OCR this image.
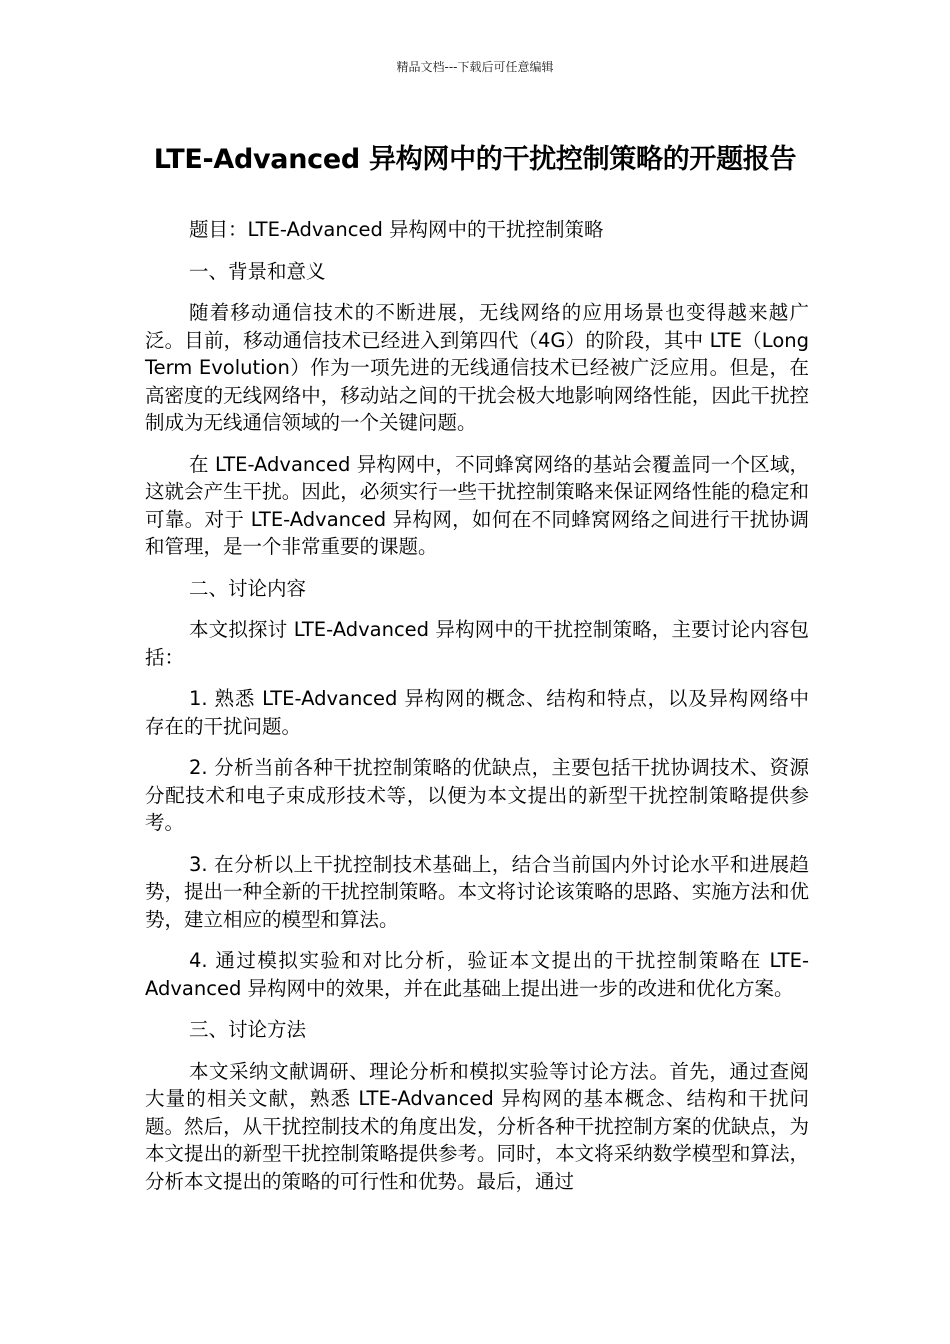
精品文档---下载后可任意编辑
LTE-Advanced 异构网中的干扰控制策略的开题报告

题目：LTE-Advanced 异构网中的干扰控制策略

一、背景和意义

随着移动通信技术的不断进展，无线网络的应用场景也变得越来越广泛。目前，移动通信技术已经进入到第四代（4G）的阶段，其中 LTE（Long Term Evolution）作为一项先进的无线通信技术已经被广泛应用。但是，在高密度的无线网络中，移动站之间的干扰会极大地影响网络性能，因此干扰控制成为无线通信领域的一个关键问题。

在 LTE-Advanced 异构网中，不同蜂窝网络的基站会覆盖同一个区域，这就会产生干扰。因此，必须实行一些干扰控制策略来保证网络性能的稳定和可靠。对于 LTE-Advanced 异构网，如何在不同蜂窝网络之间进行干扰协调和管理，是一个非常重要的课题。

二、讨论内容

本文拟探讨 LTE-Advanced 异构网中的干扰控制策略，主要讨论内容包括：

1. 熟悉 LTE-Advanced 异构网的概念、结构和特点，以及异构网络中存在的干扰问题。

2. 分析当前各种干扰控制策略的优缺点，主要包括干扰协调技术、资源分配技术和电子束成形技术等，以便为本文提出的新型干扰控制策略提供参考。

3. 在分析以上干扰控制技术基础上，结合当前国内外讨论水平和进展趋势，提出一种全新的干扰控制策略。本文将讨论该策略的思路、实施方法和优势，建立相应的模型和算法。

4. 通过模拟实验和对比分析，验证本文提出的干扰控制策略在 LTE-Advanced 异构网中的效果，并在此基础上提出进一步的改进和优化方案。

三、讨论方法

本文采纳文献调研、理论分析和模拟实验等讨论方法。首先，通过查阅大量的相关文献，熟悉 LTE-Advanced 异构网的基本概念、结构和干扰问题。然后，从干扰控制技术的角度出发，分析各种干扰控制方案的优缺点，为本文提出的新型干扰控制策略提供参考。同时，本文将采纳数学模型和算法，分析本文提出的策略的可行性和优势。最后，通过
